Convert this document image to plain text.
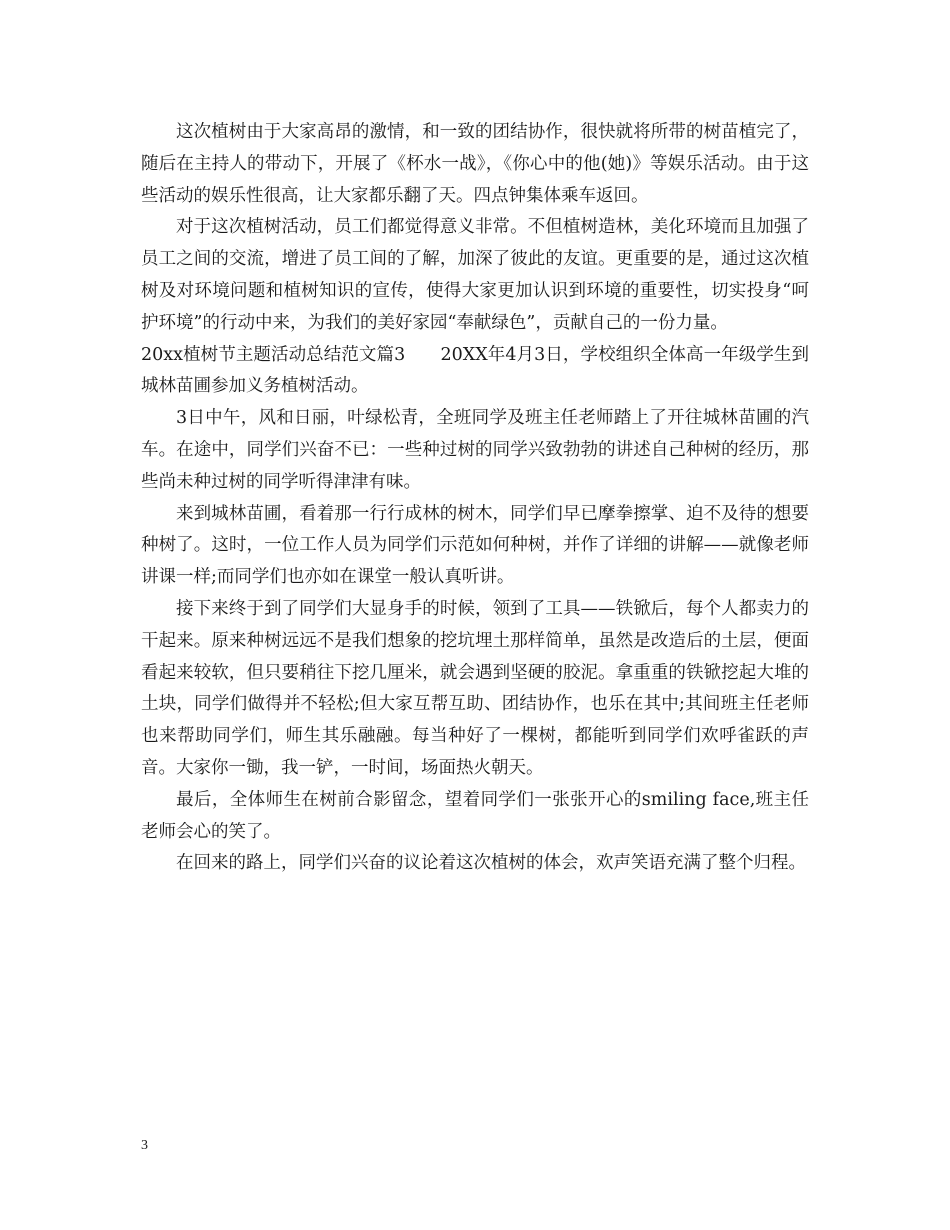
这次植树由于大家高昂的激情，和一致的团结协作，很快就将所带的树苗植完了，随后在主持人的带动下，开展了《杯水一战》，《你心中的他(她)》等娱乐活动。由于这些活动的娱乐性很高，让大家都乐翻了天。四点钟集体乘车返回。

对于这次植树活动，员工们都觉得意义非常。不但植树造林，美化环境而且加强了员工之间的交流，增进了员工间的了解，加深了彼此的友谊。更重要的是，通过这次植树及对环境问题和植树知识的宣传，使得大家更加认识到环境的重要性，切实投身“呵护环境”的行动中来，为我们的美好家园“奉献绿色”，贡献自己的一份力量。

20xx植树节主题活动总结范文篇3　　20XX年4月3日，学校组织全体高一年级学生到城林苗圃参加义务植树活动。

3日中午，风和日丽，叶绿松青，全班同学及班主任老师踏上了开往城林苗圃的汽车。在途中，同学们兴奋不已：一些种过树的同学兴致勃勃的讲述自己种树的经历，那些尚未种过树的同学听得津津有味。

来到城林苗圃，看着那一行行成林的树木，同学们早已摩拳擦掌、迫不及待的想要种树了。这时，一位工作人员为同学们示范如何种树，并作了详细的讲解——就像老师讲课一样;而同学们也亦如在课堂一般认真听讲。

接下来终于到了同学们大显身手的时候，领到了工具——铁锨后，每个人都卖力的干起来。原来种树远远不是我们想象的挖坑埋土那样简单，虽然是改造后的土层，便面看起来较软，但只要稍往下挖几厘米，就会遇到坚硬的胶泥。拿重重的铁锨挖起大堆的土块，同学们做得并不轻松;但大家互帮互助、团结协作，也乐在其中;其间班主任老师也来帮助同学们，师生其乐融融。每当种好了一棵树，都能听到同学们欢呼雀跃的声音。大家你一锄，我一铲，一时间，场面热火朝天。

最后，全体师生在树前合影留念，望着同学们一张张开心的smiling face,班主任老师会心的笑了。

在回来的路上，同学们兴奋的议论着这次植树的体会，欢声笑语充满了整个归程。

3
